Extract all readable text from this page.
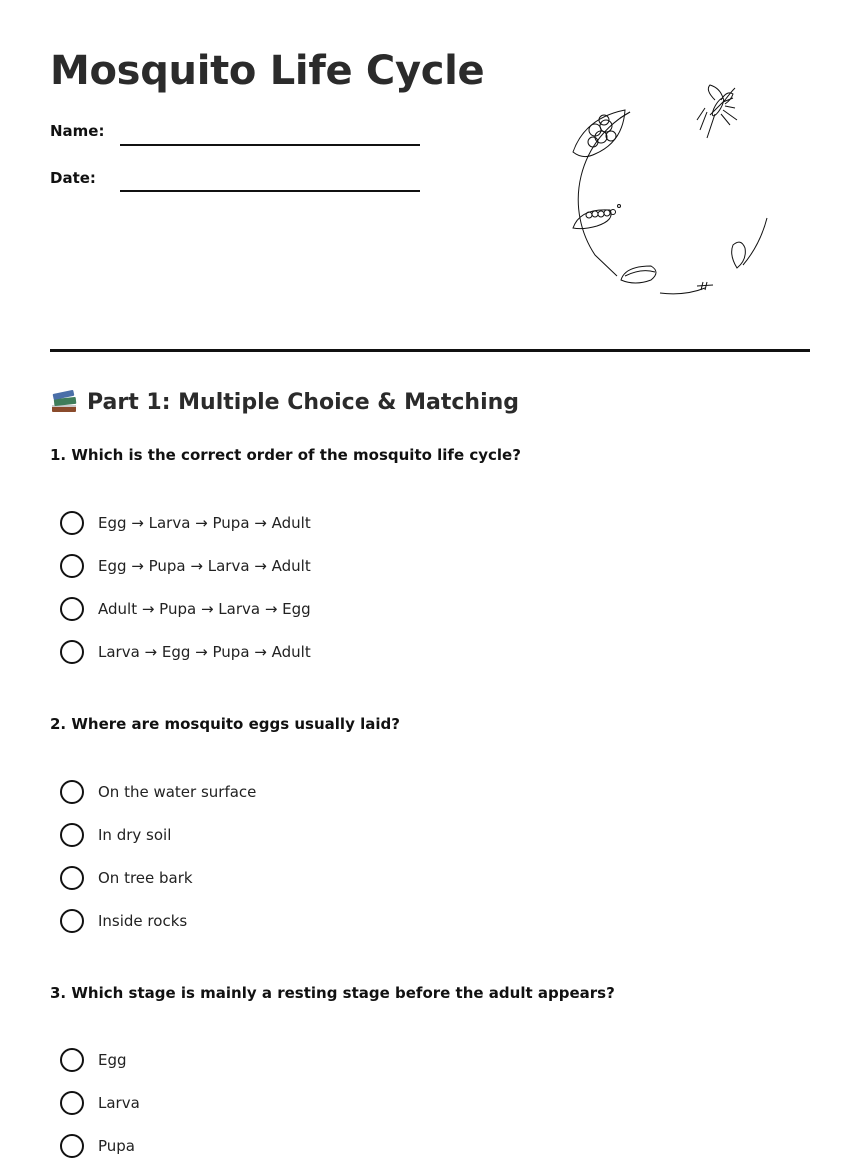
Mosquito Life Cycle
Name:
Date:
Part 1: Multiple Choice & Matching

1. Which is the correct order of the mosquito life cycle?

Egg → Larva → Pupa → Adult
Egg → Pupa → Larva → Adult
Adult → Pupa → Larva → Egg
Larva → Egg → Pupa → Adult

2. Where are mosquito eggs usually laid?

On the water surface
In dry soil
On tree bark
Inside rocks

3. Which stage is mainly a resting stage before the adult appears?

Egg
Larva
Pupa
